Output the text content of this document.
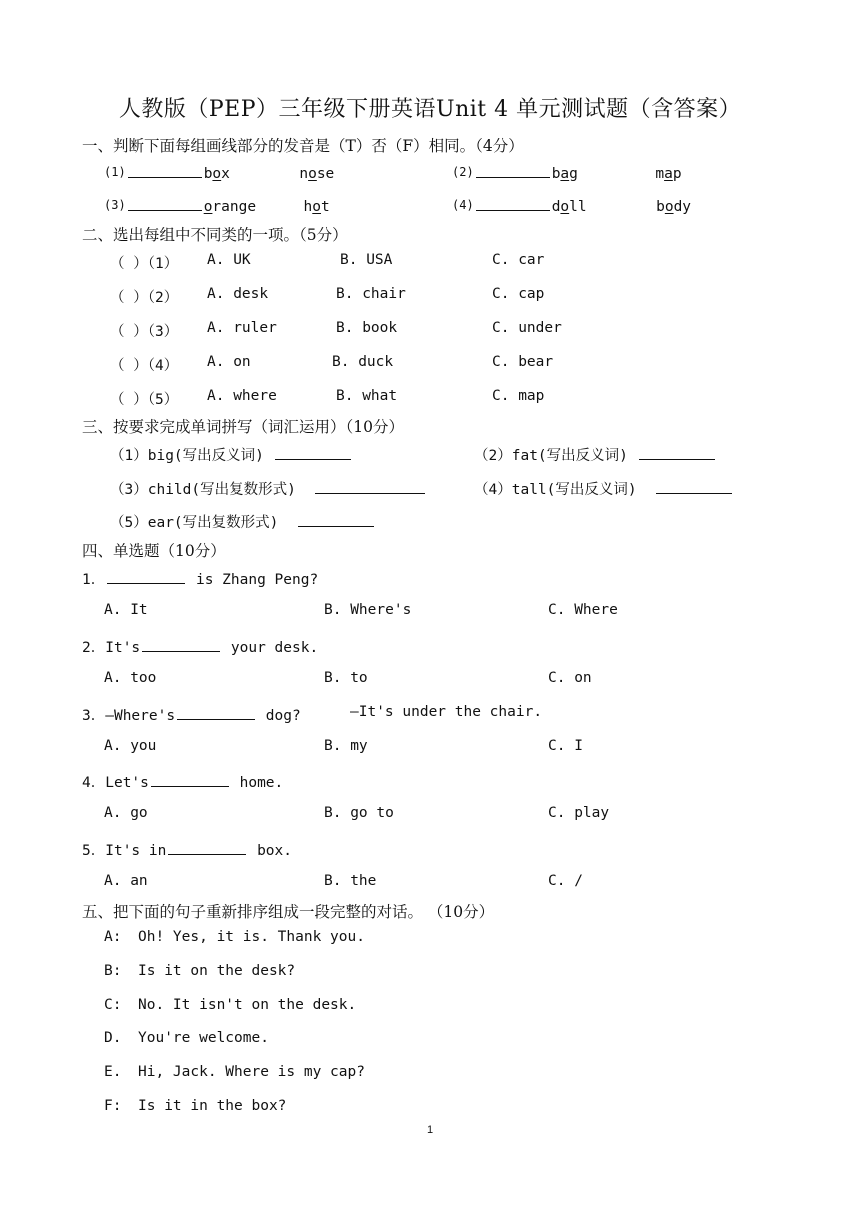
人教版（PEP）三年级下册英语Unit 4 单元测试题（含答案）
一、判断下面每组画线部分的发音是（T）否（F）相同。（4分）
(1)	box	nose	(2)	bag	map
(3)	orange	hot	(4)	doll	body
二、选出每组中不同类的一项。（5分）
（ ）（1） A. UK	B. USA	C. car
（ ）（2） A. desk	B. chair	C. cap
（ ）（3） A. ruler	B. book	C. under
（ ）（4） A. on	B. duck	C. bear
（ ）（5） A. where	B. what	C. map
三、按要求完成单词拼写（词汇运用）（10分）
（1）big(写出反义词)	（2）fat(写出反义词)
（3）child(写出复数形式)	（4）tall(写出反义词)
（5）ear(写出复数形式)
四、单选题（10分）
1．	is Zhang Peng?
A. It	B. Where's	C. Where
2．It's	your desk.
A. too	B. to	C. on
3．—Where's	dog?	—It's under the chair.
A. you	B. my	C. I
4．Let's	home.
A. go	B. go to	C. play
5．It's in	box.
A. an	B. the	C. /
五、把下面的句子重新排序组成一段完整的对话。 （10分）
A: Oh! Yes, it is. Thank you.
B: Is it on the desk?
C: No. It isn't on the desk.
D. You're welcome.
E. Hi, Jack. Where is my cap?
F: Is it in the box?
1
